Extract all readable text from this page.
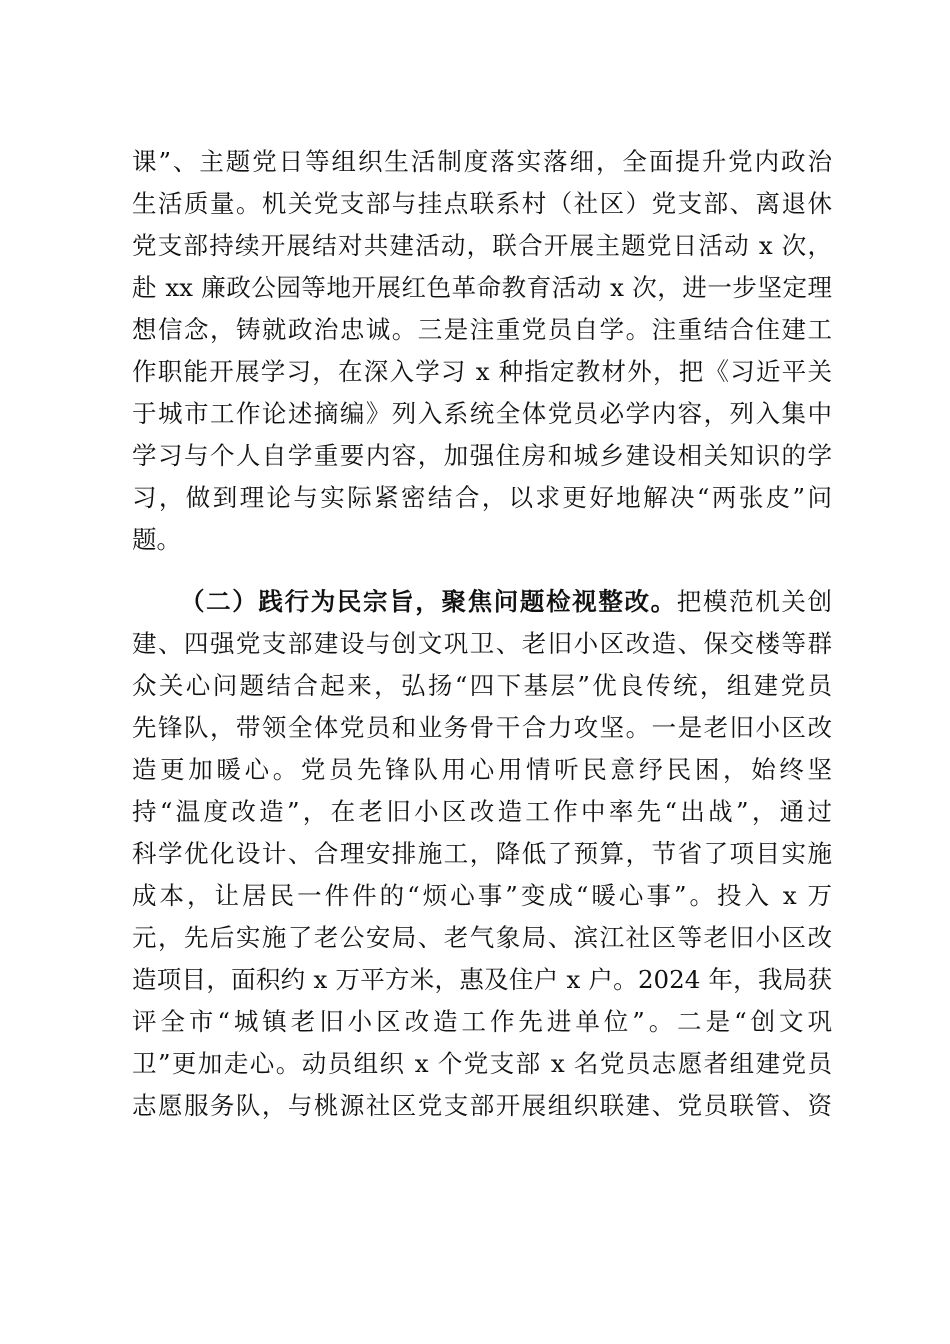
课”、主题党日等组织生活制度落实落细，全面提升党内政治
生活质量。机关党支部与挂点联系村（社区）党支部、离退休
党支部持续开展结对共建活动，联合开展主题党日活动 x 次，
赴 xx 廉政公园等地开展红色革命教育活动 x 次，进一步坚定理
想信念，铸就政治忠诚。三是注重党员自学。注重结合住建工
作职能开展学习，在深入学习 x 种指定教材外，把《习近平关
于城市工作论述摘编》列入系统全体党员必学内容，列入集中
学习与个人自学重要内容，加强住房和城乡建设相关知识的学
习，做到理论与实际紧密结合，以求更好地解决“两张皮”问
题。
（二）践行为民宗旨，聚焦问题检视整改。把模范机关创
建、四强党支部建设与创文巩卫、老旧小区改造、保交楼等群
众关心问题结合起来，弘扬“四下基层”优良传统，组建党员
先锋队，带领全体党员和业务骨干合力攻坚。一是老旧小区改
造更加暖心。党员先锋队用心用情听民意纾民困，始终坚
持“温度改造”，在老旧小区改造工作中率先“出战”，通过
科学优化设计、合理安排施工，降低了预算，节省了项目实施
成本，让居民一件件的“烦心事”变成“暖心事”。投入 x 万
元，先后实施了老公安局、老气象局、滨江社区等老旧小区改
造项目，面积约 x 万平方米，惠及住户 x 户。2024 年，我局获
评全市“城镇老旧小区改造工作先进单位”。二是“创文巩
卫”更加走心。动员组织 x 个党支部 x 名党员志愿者组建党员
志愿服务队，与桃源社区党支部开展组织联建、党员联管、资
